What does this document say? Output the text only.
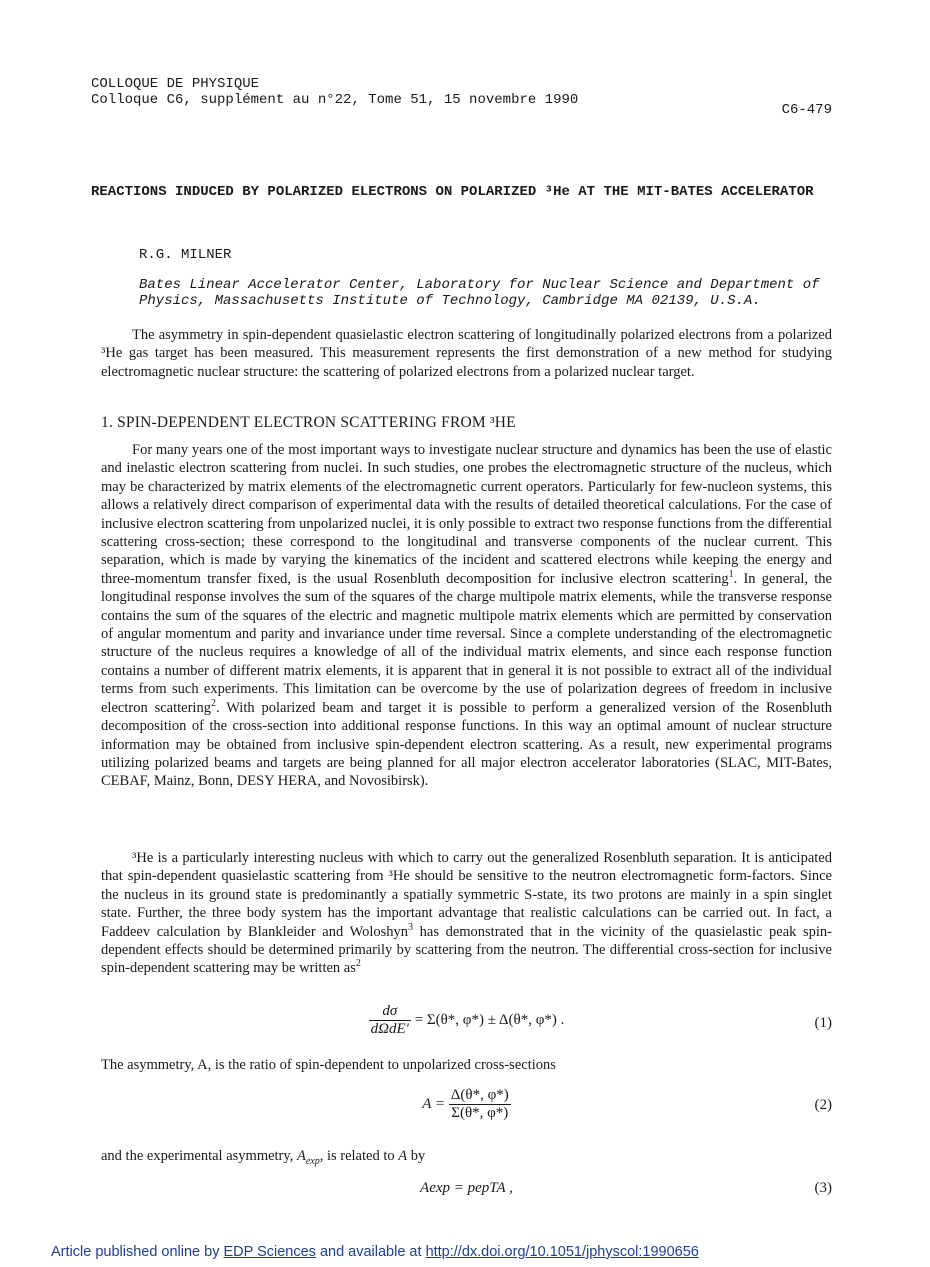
COLLOQUE DE PHYSIQUE
Colloque C6, supplément au n°22, Tome 51, 15 novembre 1990
C6-479
REACTIONS INDUCED BY POLARIZED ELECTRONS ON POLARIZED ³He AT THE MIT-BATES ACCELERATOR
R.G. MILNER
Bates Linear Accelerator Center, Laboratory for Nuclear Science and Department of Physics, Massachusetts Institute of Technology, Cambridge MA 02139, U.S.A.

The asymmetry in spin-dependent quasielastic electron scattering of longitudinally polarized electrons from a polarized ³He gas target has been measured. This measurement represents the first demonstration of a new method for studying electromagnetic nuclear structure: the scattering of polarized electrons from a polarized nuclear target.

1. SPIN-DEPENDENT ELECTRON SCATTERING FROM ³HE

For many years one of the most important ways to investigate nuclear structure and dynamics has been the use of elastic and inelastic electron scattering from nuclei. In such studies, one probes the electromagnetic structure of the nucleus, which may be characterized by matrix elements of the electromagnetic current operators. Particularly for few-nucleon systems, this allows a relatively direct comparison of experimental data with the results of detailed theoretical calculations. For the case of inclusive electron scattering from unpolarized nuclei, it is only possible to extract two response functions from the differential scattering cross-section; these correspond to the longitudinal and transverse components of the nuclear current. This separation, which is made by varying the kinematics of the incident and scattered electrons while keeping the energy and three-momentum transfer fixed, is the usual Rosenbluth decomposition for inclusive electron scattering$^1$. In general, the longitudinal response involves the sum of the squares of the charge multipole matrix elements, while the transverse response contains the sum of the squares of the electric and magnetic multipole matrix elements which are permitted by conservation of angular momentum and parity and invariance under time reversal. Since a complete understanding of the electromagnetic structure of the nucleus requires a knowledge of all of the individual matrix elements, and since each response function contains a number of different matrix elements, it is apparent that in general it is not possible to extract all of the individual terms from such experiments. This limitation can be overcome by the use of polarization degrees of freedom in inclusive electron scattering$^2$. With polarized beam and target it is possible to perform a generalized version of the Rosenbluth decomposition of the cross-section into additional response functions. In this way an optimal amount of nuclear structure information may be obtained from inclusive spin-dependent electron scattering. As a result, new experimental programs utilizing polarized beams and targets are being planned for all major electron accelerator laboratories (SLAC, MIT-Bates, CEBAF, Mainz, Bonn, DESY HERA, and Novosibirsk).

³He is a particularly interesting nucleus with which to carry out the generalized Rosenbluth separation. It is anticipated that spin-dependent quasielastic scattering from ³He should be sensitive to the neutron electromagnetic form-factors. Since the nucleus in its ground state is predominantly a spatially symmetric S-state, its two protons are mainly in a spin singlet state. Further, the three body system has the important advantage that realistic calculations can be carried out. In fact, a Faddeev calculation by Blankleider and Woloshyn$^3$ has demonstrated that in the vicinity of the quasielastic peak spin-dependent effects should be determined primarily by scattering from the neutron. The differential cross-section for inclusive spin-dependent scattering may be written $as^2$

$\frac{d\sigma}{\text{dΩdE′}} = \Sigma(\theta*$, φ*) ± Δ(θ*, φ*) .	(1)

The asymmetry, A, is the ratio of spin-dependent to unpolarized cross-sections

$A = \frac{\Delta(\theta*, \varphi*)}{\Sigma(\theta*, \varphi*)}$	(2)

and the experimental asymmetry, $A_{exp}$, is related to A by

Aexp = pepTA ,	(3)
Article published online by EDP Sciences and available at http://dx.doi.org/10.1051/jphyscol:1990656
